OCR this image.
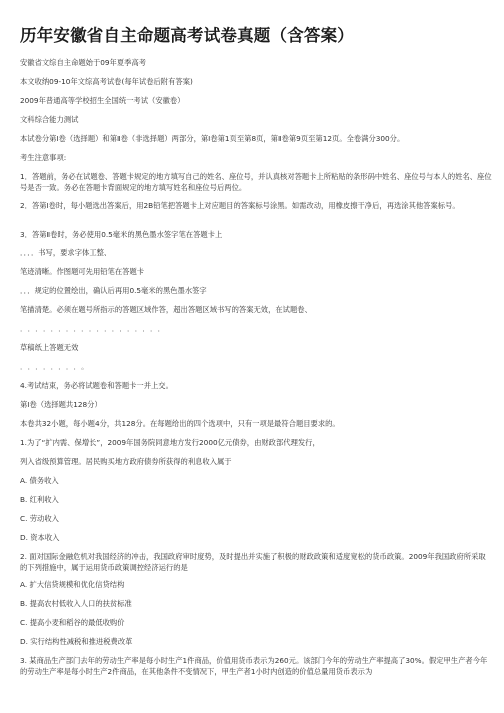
历年安徽省自主命题高考试卷真题（含答案）
安徽省文综自主命题始于09年夏季高考
本文收纳09-10年文综高考试卷(每年试卷后附有答案)
2009年普通高等学校招生全国统一考试（安徽卷）
文科综合能力测试
本试卷分第Ⅰ卷（选择题）和第Ⅱ卷（非选择题）两部分，第Ⅰ卷第1页至第8页，第Ⅱ卷第9页至第12页。全卷满分300分。
考生注意事项:
1．答题前，务必在试题卷、答题卡规定的地方填写自己的姓名、座位号，并认真核对答题卡上所粘贴的条形码中姓名、座位号与本人的姓名、座位号是否一致。务必在答题卡背面规定的地方填写姓名和座位号后两位。
2．答第Ⅰ卷时，每小题选出答案后，用2B铅笔把答题卡上对应题目的答案标号涂黑。如需改动，用橡皮擦干净后，再选涂其他答案标号。
3．答第Ⅱ卷时，务必使用0.5毫米的黑色墨水签字笔在答题卡上
．．．．书写，要求字体工整、
笔迹清晰。作图题可先用铅笔在答题卡
．．．规定的位置绘出，确认后再用0.5毫米的黑色墨水签字
笔描清楚。必须在题号所指示的答题区域作答，超出答题区域书写的答案无效，在试题卷、
．．．．．．．．．．．．．．．．．．．
草稿纸上答题无效
．．．．．．．．。
4.考试结束，务必将试题卷和答题卡一并上交。
第Ⅰ卷（选择题共128分）
本卷共32小题，每小题4分，共128分。在每题给出的四个选项中，只有一项是最符合题目要求的。
1.为了“扩内需、保增长”，2009年国务院同意地方发行2000亿元债券，由财政部代理发行，
列入省级预算管理。居民购买地方政府债券所获得的利息收入属于
A. 债务收入
B. 红利收入
C. 劳动收入
D. 资本收入
2. 面对国际金融危机对我国经济的冲击，我国政府审时度势，及时提出并实施了积极的财政政策和适度宽松的货币政策。2009年我国政府所采取的下列措施中，属于运用货币政策调控经济运行的是
A. 扩大信贷规模和优化信贷结构
B. 提高农村低收入人口的扶贫标准
C. 提高小麦和稻谷的最低收购价
D. 实行结构性减税和推进税费改革
3. 某商品生产部门去年的劳动生产率是每小时生产1件商品，价值用货币表示为260元。该部门今年的劳动生产率提高了30%。假定甲生产者今年的劳动生产率是每小时生产2件商品，在其他条件不变情况下，甲生产者1小时内创造的价值总量用货币表示为
